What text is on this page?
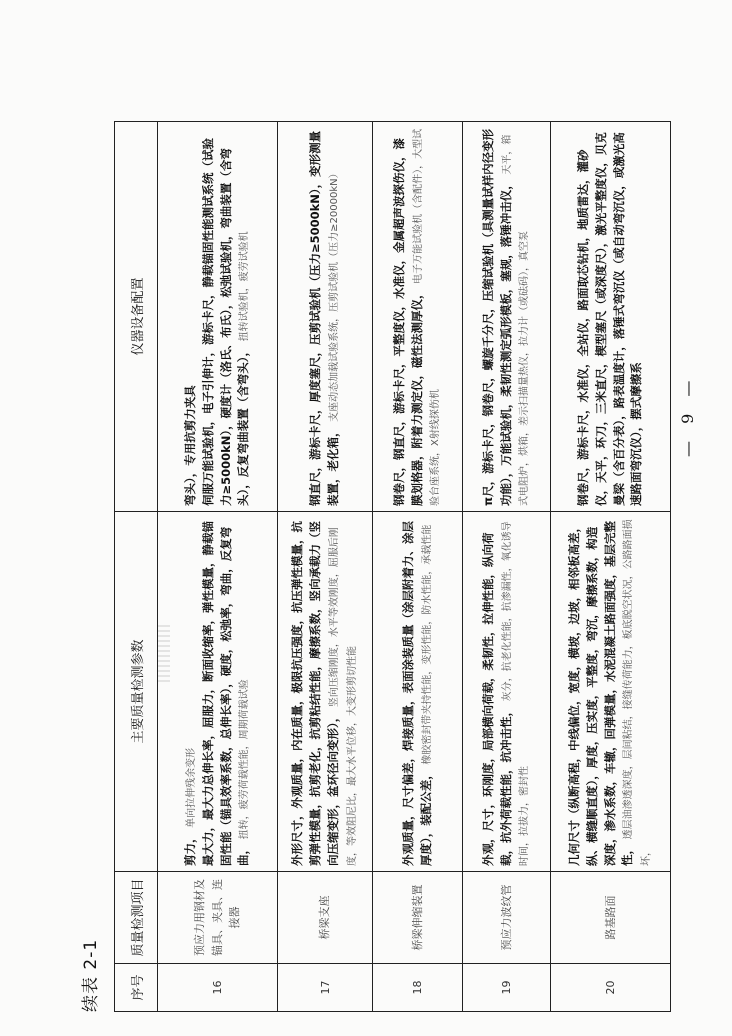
续表 2-1 序号	质量检测项目	主要质量检测参数	仪器设备配置
16	预应力用钢材及锚具、夹具、连接器	剪力， 单向拉伸残余变形 最大力，最大力总伸长率，屈服力，断面收缩率，弹性模量，静载锚固性能（锚具效率系数，总伸长率），硬度，松弛率，弯曲，反复弯曲， 扭转，疲劳荷载性能，周期荷载试验	弯头），专用抗剪力夹具 伺服万能试验机，电子引伸计，游标卡尺，静载锚固性能测试系统（试验力≥5000kN），硬度计（洛氏、布氏），松弛试验机，弯曲装置（含弯头），反复弯曲装置（含弯头）， 扭转试验机，疲劳试验机
17	桥梁支座	外形尺寸，外观质量，内在质量，极限抗压强度，抗压弹性模量，抗剪弹性模量，抗剪老化，抗剪粘结性能，摩擦系数，竖向承载力（竖向压缩变形，盆环径向变形）， 竖向压缩刚度，水平等效刚度，屈服后刚度，等效阻尼比，最大水平位移，大变形剪切性能	钢直尺，游标卡尺，厚度塞尺，压剪试验机（压力≥5000kN），变形测量装置，老化箱， 支座动态加载试验系统，压剪试验机（压力≥20000kN）
18	桥梁伸缩装置	外观质量，尺寸偏差，焊接质量，表面涂装质量（涂层附着力、涂层厚度），装配公差， 橡胶密封带夹持性能，变形性能，防水性能，承载性能	钢卷尺，钢直尺，游标卡尺，平整度仪，水准仪，金属超声波探伤仪，漆膜划格器，附着力测定仪，磁性法测厚仪， 电子万能试验机（含配件），大型试验台座系统，X射线探伤机
19	预应力波纹管	外观，尺寸，环刚度，局部横向荷载，柔韧性，拉伸性能，纵向荷载，抗外荷载性能，抗冲击性， 灰分，抗老化性能，抗渗漏性，氧化诱导时间，拉拔力，密封性	π尺，游标卡尺，钢卷尺，螺旋千分尺，压缩试验机（具测量试样内径变形功能），万能试验机，柔韧性测定弧形模板，塞规，落锤冲击仪， 天平，箱式电阻炉，烘箱，差示扫描量热仪，拉力计（或砝码），真空泵
20	路基路面	几何尺寸（纵断高程，中线偏位，宽度，横坡，边坡，相邻板高差，纵、横缝顺直度），厚度，压实度，平整度，弯沉，摩擦系数，构造深度，渗水系数，车辙，回弹模量，水泥混凝土路面强度，基层完整性， 透层油渗透深度，层间粘结，接缝传荷能力，板底脱空状况，公路路面损坏，	钢卷尺，游标卡尺，水准仪，全站仪，路面取芯钻机，地质雷达，灌砂仪，天平，环刀，三米直尺，楔型塞尺（或深度尺），激光平整度仪，贝克曼梁（含百分表），路表温度计，落锤式弯沉仪（或自动弯沉仪，或激光高速路面弯沉仪），摆式摩擦系 — 9 —
